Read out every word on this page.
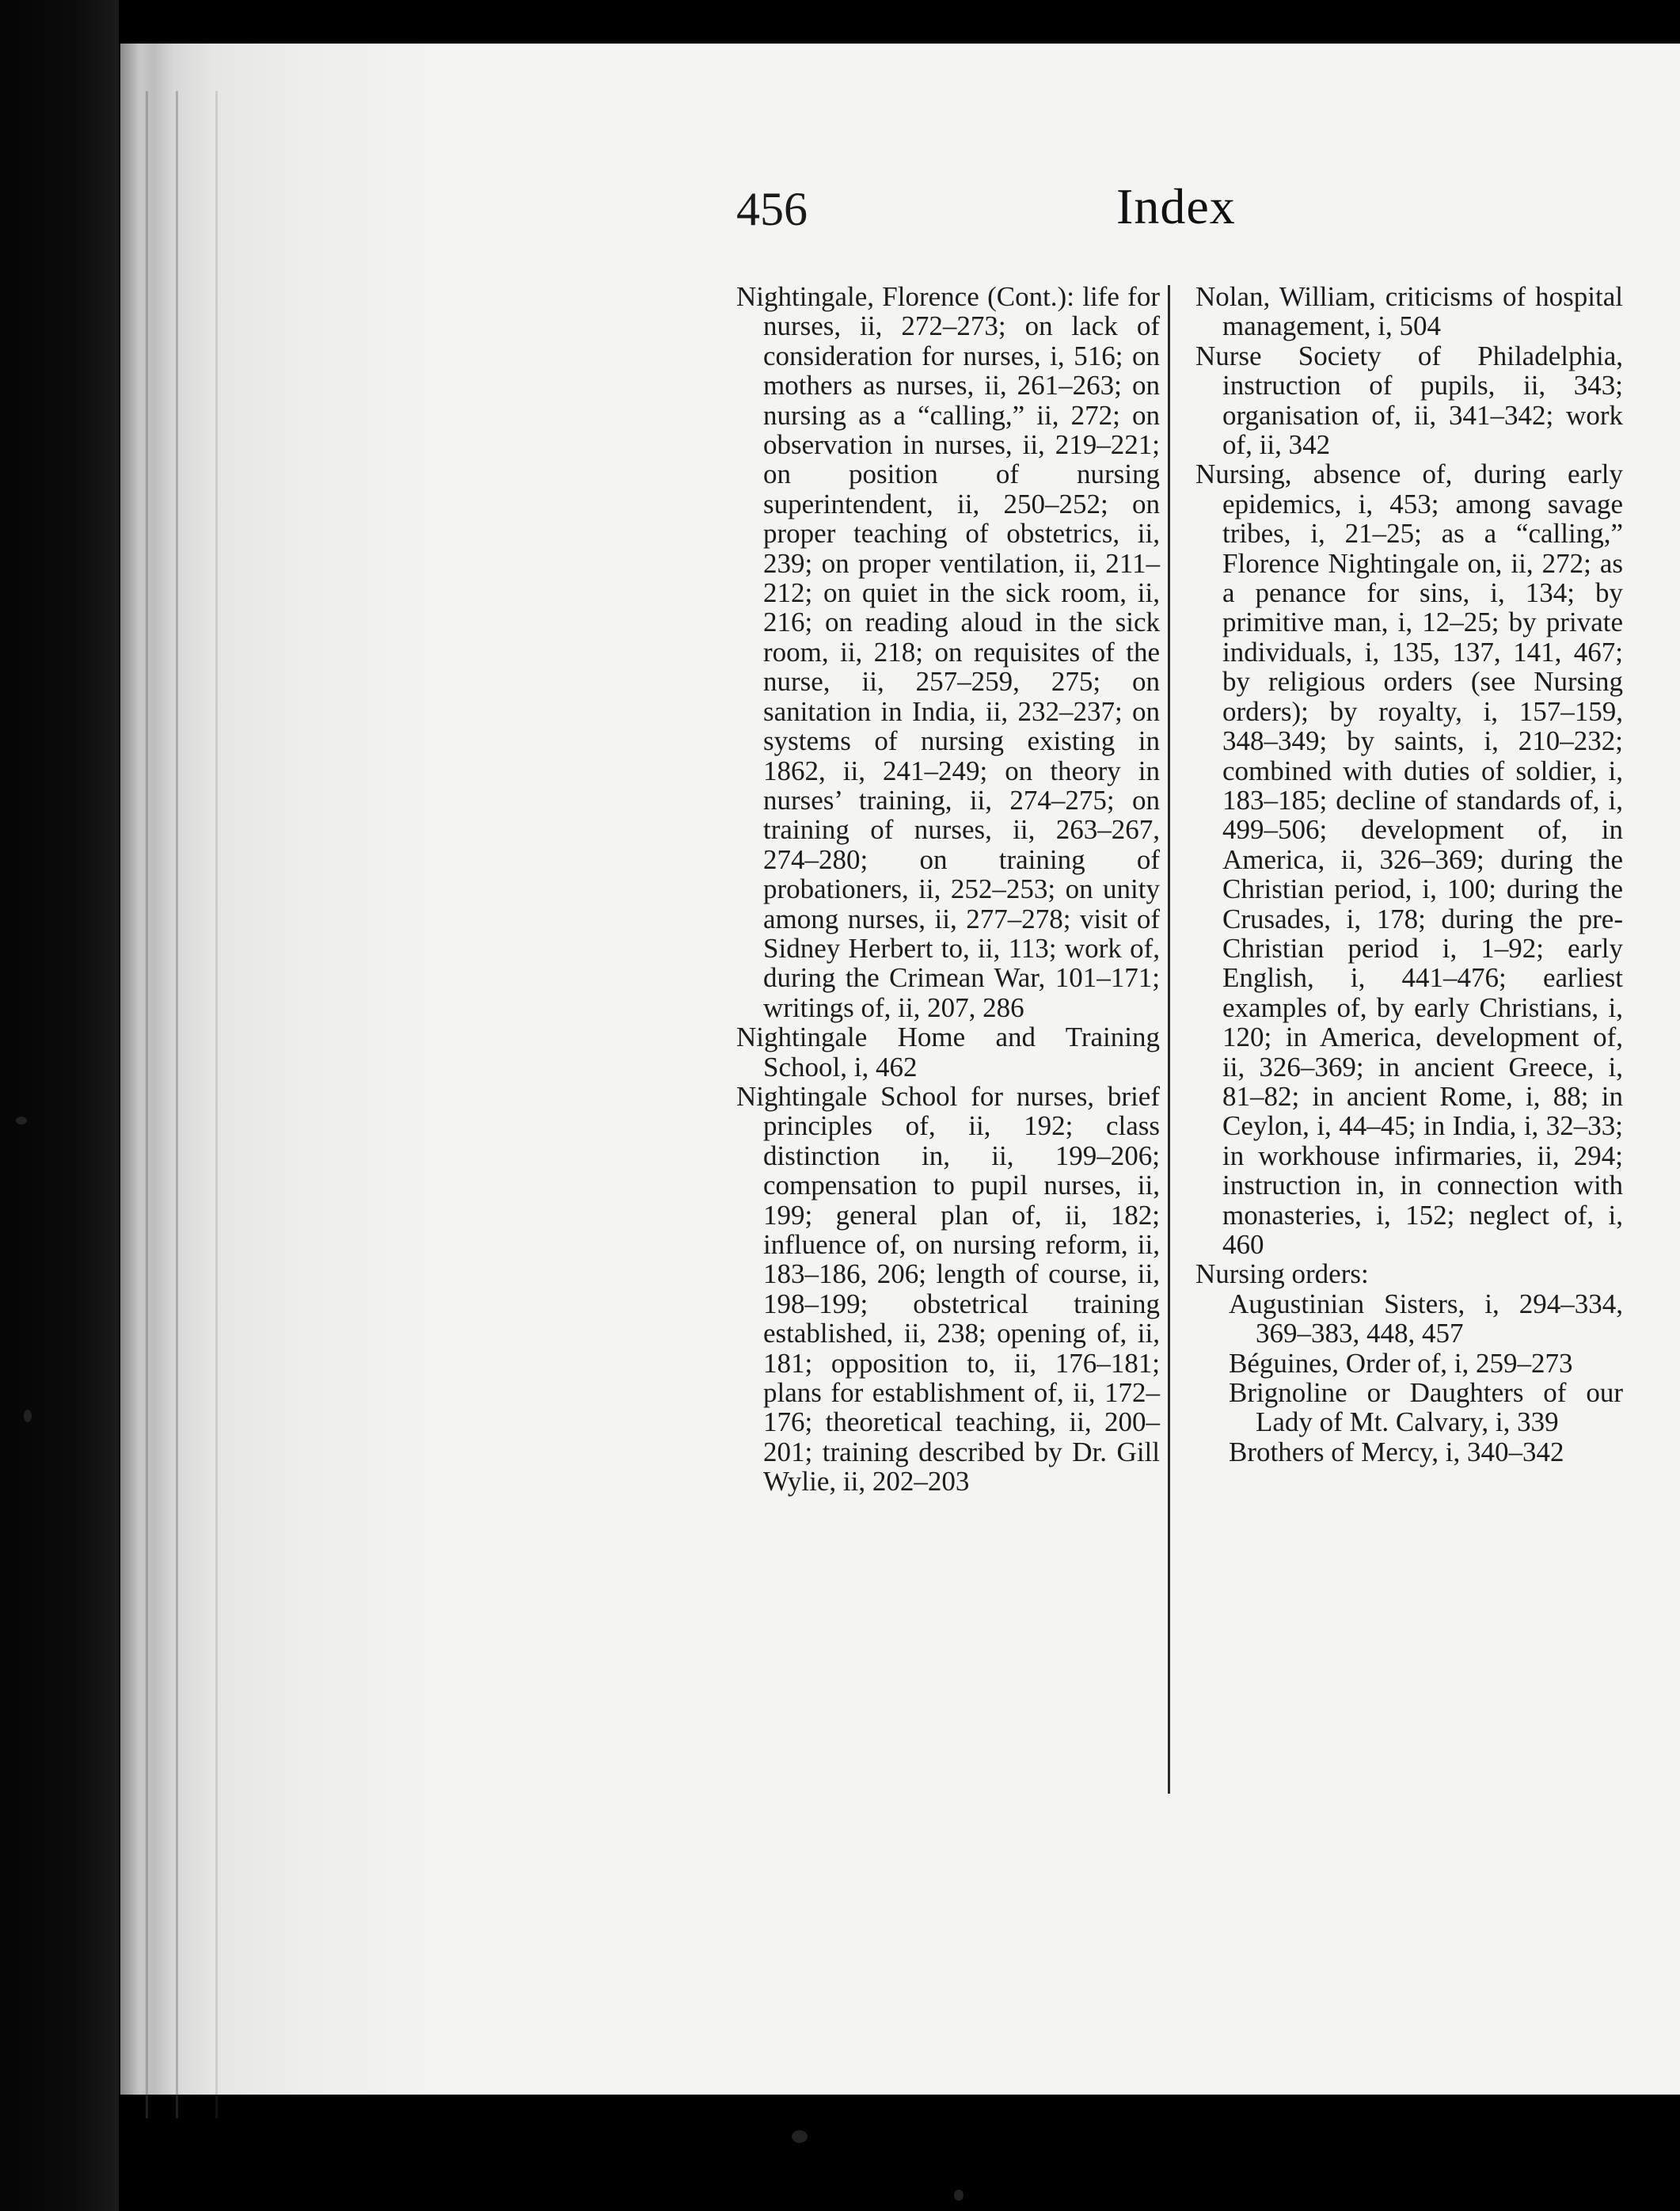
456	Index

Nightingale, Florence (Cont.): life for nurses, ii, 272–273; on lack of consideration for nurses, i, 516; on mothers as nurses, ii, 261–263; on nursing as a “calling,” ii, 272; on observation in nurses, ii, 219–221; on position of nursing superintendent, ii, 250–252; on proper teaching of obstetrics, ii, 239; on proper ventilation, ii, 211–212; on quiet in the sick room, ii, 216; on reading aloud in the sick room, ii, 218; on requisites of the nurse, ii, 257–259, 275; on sanitation in India, ii, 232–237; on systems of nursing existing in 1862, ii, 241–249; on theory in nurses’ training, ii, 274–275; on training of nurses, ii, 263–267, 274–280; on training of probationers, ii, 252–253; on unity among nurses, ii, 277–278; visit of Sidney Herbert to, ii, 113; work of, during the Crimean War, 101–171; writings of, ii, 207, 286

Nightingale Home and Training School, i, 462

Nightingale School for nurses, brief principles of, ii, 192; class distinction in, ii, 199–206; compensation to pupil nurses, ii, 199; general plan of, ii, 182; influence of, on nursing reform, ii, 183–186, 206; length of course, ii, 198–199; obstetrical training established, ii, 238; opening of, ii, 181; opposition to, ii, 176–181; plans for establishment of, ii, 172–176; theoretical teaching, ii, 200–201; training described by Dr. Gill Wylie, ii, 202–203

Nolan, William, criticisms of hospital management, i, 504

Nurse Society of Philadelphia, instruction of pupils, ii, 343; organisation of, ii, 341–342; work of, ii, 342

Nursing, absence of, during early epidemics, i, 453; among savage tribes, i, 21–25; as a “calling,” Florence Nightingale on, ii, 272; as a penance for sins, i, 134; by primitive man, i, 12–25; by private individuals, i, 135, 137, 141, 467; by religious orders (see Nursing orders); by royalty, i, 157–159, 348–349; by saints, i, 210–232; combined with duties of soldier, i, 183–185; decline of standards of, i, 499–506; development of, in America, ii, 326–369; during the Christian period, i, 100; during the Crusades, i, 178; during the pre-Christian period i, 1–92; early English, i, 441–476; earliest examples of, by early Christians, i, 120; in America, development of, ii, 326–369; in ancient Greece, i, 81–82; in ancient Rome, i, 88; in Ceylon, i, 44–45; in India, i, 32–33; in workhouse infirmaries, ii, 294; instruction in, in connection with monasteries, i, 152; neglect of, i, 460

Nursing orders:

Augustinian Sisters, i, 294–334, 369–383, 448, 457

Béguines, Order of, i, 259–273

Brignoline or Daughters of our Lady of Mt. Calvary, i, 339

Brothers of Mercy, i, 340–342
